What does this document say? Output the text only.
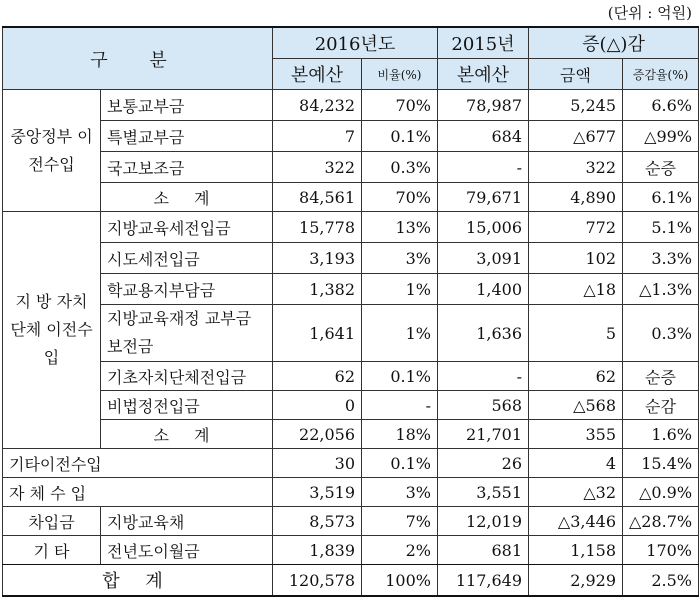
(단위 : 억원)
구 분		2016년도		2015년	증(△)감	
		본예산	비율(%)	본예산	금액	증감율(%)
중앙정부 이전수입	보통교부금	84,232	70%	78,987	5,245	6.6%
	특별교부금	7	0.1%	684	△677	△99%
	국고보조금	322	0.3%	-	322	순증
	소 계	84,561	70%	79,671	4,890	6.1%
지 방 자치단체 이전수입	지방교육세전입금	15,778	13%	15,006	772	5.1%
	시도세전입금	3,193	3%	3,091	102	3.3%
	학교용지부담금	1,382	1%	1,400	△18	△1.3%
	지방교육재정 교부금보전금	1,641	1%	1,636	5	0.3%
	기초자치단체전입금	62	0.1%	-	62	순증
	비법정전입금	0	-	568	△568	순감
	소 계	22,056	18%	21,701	355	1.6%
기타이전수입		30	0.1%	26	4	15.4%
자 체 수 입		3,519	3%	3,551	△32	△0.9%
차입금	지방교육채	8,573	7%	12,019	△3,446	△28.7%
기 타	전년도이월금	1,839	2%	681	1,158	170%
합 계		120,578	100%	117,649	2,929	2.5%
